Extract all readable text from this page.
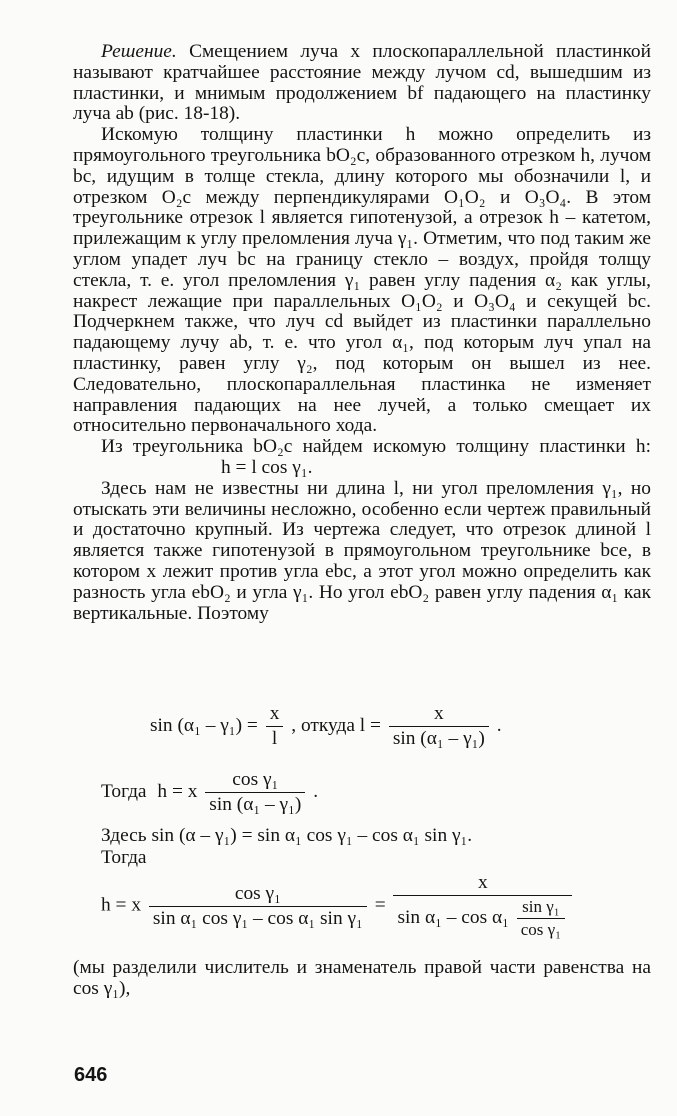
Решение. Смещением луча x плоскопараллельной пластинкой называют кратчайшее расстояние между лучом cd, вышедшим из пластинки, и мнимым продолжением bf падающего на пластинку луча ab (рис. 18-18).

Искомую толщину пластинки h можно определить из прямоугольного треугольника bO₂c, образованного отрезком h, лучом bc, идущим в толще стекла, длину которого мы обозначили l, и отрезком O₂c между перпендикулярами O₁O₂ и O₃O₄. В этом треугольнике отрезок l является гипотенузой, а отрезок h – катетом, прилежащим к углу преломления луча γ₁. Отметим, что под таким же углом упадет луч bc на границу стекло – воздух, пройдя толщу стекла, т. е. угол преломления γ₁ равен углу падения α₂ как углы, накрест лежащие при параллельных O₁O₂ и O₃O₄ и секущей bc. Подчеркнем также, что луч cd выйдет из пластинки параллельно падающему лучу ab, т. е. что угол α₁, под которым луч упал на пластинку, равен углу γ₂, под которым он вышел из нее. Следовательно, плоскопараллельная пластинка не изменяет направления падающих на нее лучей, а только смещает их относительно первоначального хода.

Из треугольника bO₂c найдем искомую толщину пластинки h:h = l cos γ₁.

Здесь нам не известны ни длина l, ни угол преломления γ₁, но отыскать эти величины несложно, особенно если чертеж правильный и достаточно крупный. Из чертежа следует, что отрезок длиной l является также гипотенузой в прямоугольном треугольнике bce, в котором x лежит против угла ebc, а этот угол можно определить как разность угла ebO₂ и угла γ₁. Но угол ebO₂ равен углу падения α₁ как вертикальные. Поэтому

$\sin (\alpha_1 - \gamma_1) = \frac{x}{l}$ , откуда $l = \frac{x}{\text{sin (α₁ – γ₁)}}$ .
Тогда h = x $\frac{\text{cos γ₁}}{\text{sin (α₁ – γ₁)}}$ .
Здесь sin (α – γ₁) = sin α₁ cos γ₁ – cos α₁ sin γ₁.
Тогда
h = x $\frac{\text{cos γ₁}}{\text{sin α₁ cos γ₁ – cos α₁ sin γ₁}} = \frac{x}{\sin \alpha_1 - \cos \alpha_1 \frac{\text{sin γ₁}}{\text{cos γ₁}}}$

(мы разделили числитель и знаменатель правой части равенства на cos γ₁),

646
